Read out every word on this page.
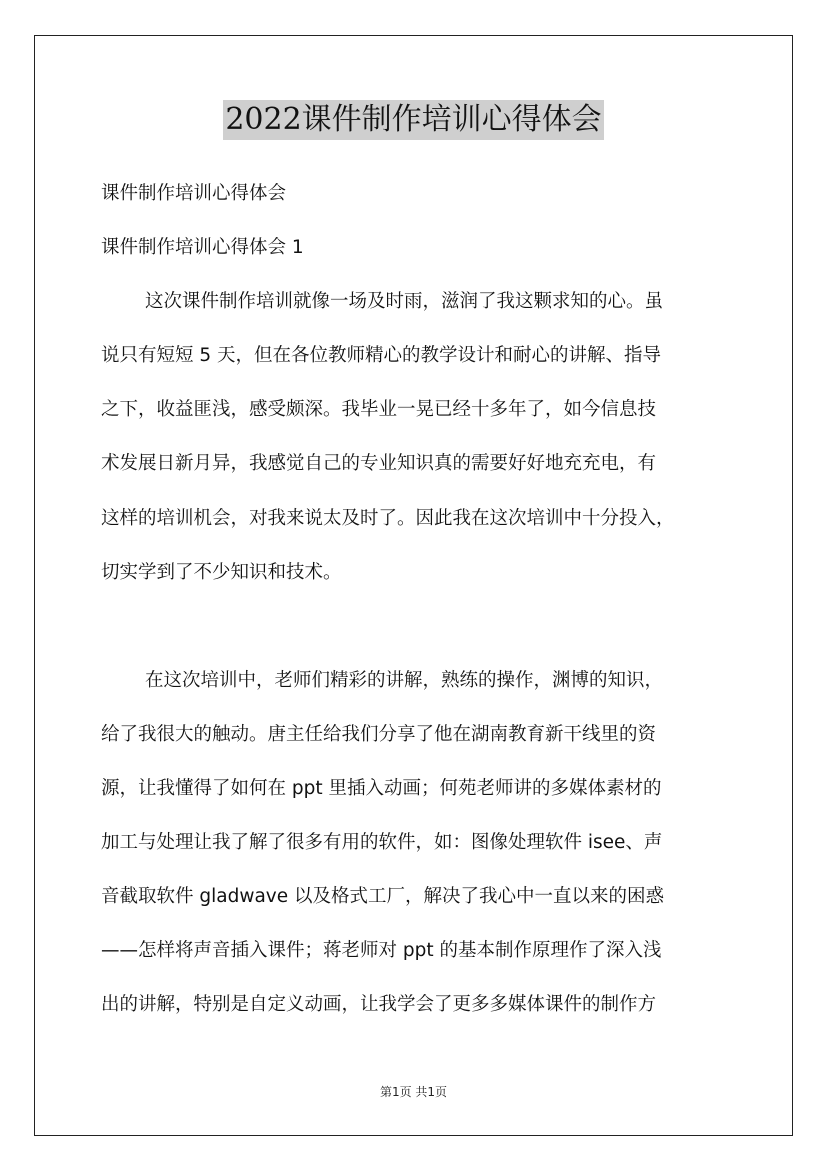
2022课件制作培训心得体会
课件制作培训心得体会
课件制作培训心得体会 1
这次课件制作培训就像一场及时雨，滋润了我这颗求知的心。虽
说只有短短 5 天，但在各位教师精心的教学设计和耐心的讲解、指导
之下，收益匪浅，感受颇深。我毕业一晃已经十多年了，如今信息技
术发展日新月异，我感觉自己的专业知识真的需要好好地充充电，有
这样的培训机会，对我来说太及时了。因此我在这次培训中十分投入，
切实学到了不少知识和技术。
在这次培训中，老师们精彩的讲解，熟练的操作，渊博的知识，
给了我很大的触动。唐主任给我们分享了他在湖南教育新干线里的资
源，让我懂得了如何在 ppt 里插入动画；何苑老师讲的多媒体素材的
加工与处理让我了解了很多有用的软件，如：图像处理软件 isee、声
音截取软件 gladwave 以及格式工厂，解决了我心中一直以来的困惑
——怎样将声音插入课件；蒋老师对 ppt 的基本制作原理作了深入浅
出的讲解，特别是自定义动画，让我学会了更多多媒体课件的制作方
第1页 共1页
